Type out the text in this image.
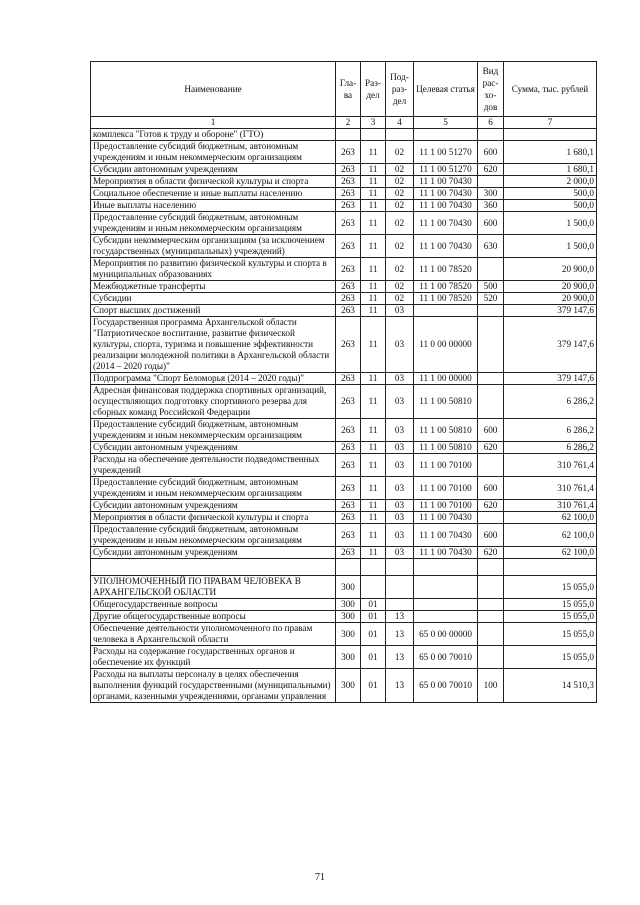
Наименование	Гла-ва	Раз-дел	Под-раз-дел	Целевая статья	Вид рас-хо-дов	Сумма, тыс. рублей
1	2	3	4	5	6	7
комплекса "Готов к труду и обороне" (ГТО)						
Предоставление субсидий бюджетным, автономным учреждениям и иным некоммерческим организациям	263	11	02	11 1 00 51270	600	1 680,1
Субсидии автономным учреждениям	263	11	02	11 1 00 51270	620	1 680,1
Мероприятия в области физической культуры и спорта	263	11	02	11 1 00 70430		2 000,0
Социальное обеспечение и иные выплаты населению	263	11	02	11 1 00 70430	300	500,0
Иные выплаты населению	263	11	02	11 1 00 70430	360	500,0
Предоставление субсидий бюджетным, автономным учреждениям и иным некоммерческим организациям	263	11	02	11 1 00 70430	600	1 500,0
Субсидии некоммерческим организациям (за исключением государственных (муниципальных) учреждений)	263	11	02	11 1 00 70430	630	1 500,0
Мероприятия по развитию физической культуры и спорта в муниципальных образованиях	263	11	02	11 1 00 78520		20 900,0
Межбюджетные трансферты	263	11	02	11 1 00 78520	500	20 900,0
Субсидии	263	11	02	11 1 00 78520	520	20 900,0
Спорт высших достижений	263	11	03			379 147,6
Государственная программа Архангельской области "Патриотическое воспитание, развитие физической культуры, спорта, туризма и повышение эффективности реализации молодежной политики в Архангельской области (2014 – 2020 годы)"	263	11	03	11 0 00 00000		379 147,6
Подпрограмма "Спорт Беломорья (2014 – 2020 годы)"	263	11	03	11 1 00 00000		379 147,6
Адресная финансовая поддержка спортивных организаций, осуществляющих подготовку спортивного резерва для сборных команд Российской Федерации	263	11	03	11 1 00 50810		6 286,2
Предоставление субсидий бюджетным, автономным учреждениям и иным некоммерческим организациям	263	11	03	11 1 00 50810	600	6 286,2
Субсидии автономным учреждениям	263	11	03	11 1 00 50810	620	6 286,2
Расходы на обеспечение деятельности подведомственных учреждений	263	11	03	11 1 00 70100		310 761,4
Предоставление субсидий бюджетным, автономным учреждениям и иным некоммерческим организациям	263	11	03	11 1 00 70100	600	310 761,4
Субсидии автономным учреждениям	263	11	03	11 1 00 70100	620	310 761,4
Мероприятия в области физической культуры и спорта	263	11	03	11 1 00 70430		62 100,0
Предоставление субсидий бюджетным, автономным учреждениям и иным некоммерческим организациям	263	11	03	11 1 00 70430	600	62 100,0
Субсидии автономным учреждениям	263	11	03	11 1 00 70430	620	62 100,0

УПОЛНОМОЧЕННЫЙ ПО ПРАВАМ ЧЕЛОВЕКА В АРХАНГЕЛЬСКОЙ ОБЛАСТИ	300					15 055,0
Общегосударственные вопросы	300	01				15 055,0
Другие общегосударственные вопросы	300	01	13			15 055,0
Обеспечение деятельности уполномоченного по правам человека в Архангельской области	300	01	13	65 0 00 00000		15 055,0
Расходы на содержание государственных органов и обеспечение их функций	300	01	13	65 0 00 70010		15 055,0
Расходы на выплаты персоналу в целях обеспечения выполнения функций государственными (муниципальными) органами, казенными учреждениями, органами управления	300	01	13	65 0 00 70010	100	14 510,3
71
